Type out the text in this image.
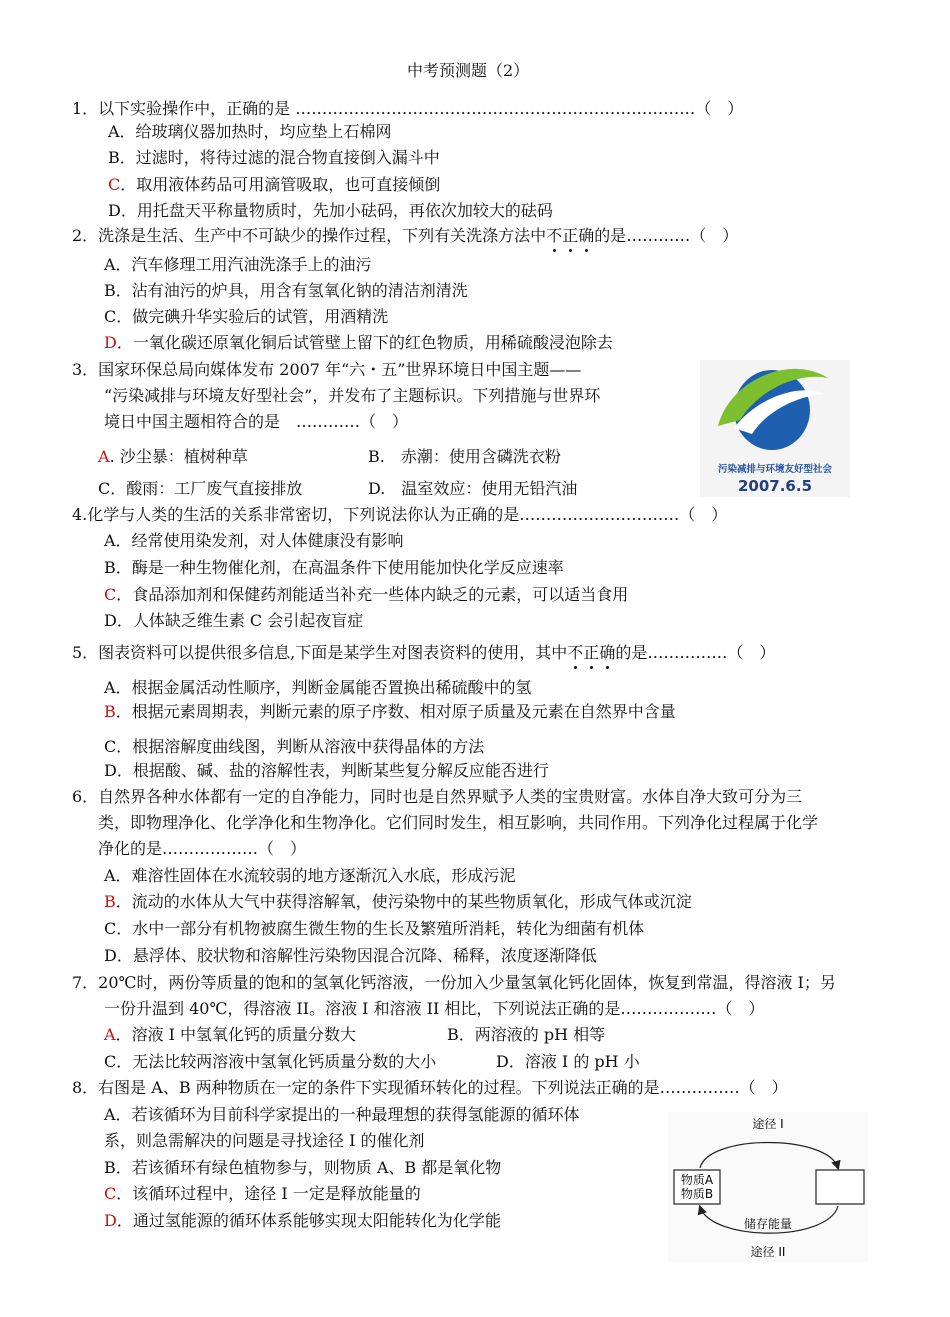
中考预测题（2）
1．以下实验操作中，正确的是 …………………………………………………………………（　）
A．给玻璃仪器加热时，均应垫上石棉网
B．过滤时，将待过滤的混合物直接倒入漏斗中
C．取用液体药品可用滴管吸取，也可直接倾倒
D．用托盘天平称量物质时，先加小砝码，再依次加较大的砝码
2．洗涤是生活、生产中不可缺少的操作过程，下列有关洗涤方法中不正确的是…………（　）
A．汽车修理工用汽油洗涤手上的油污
B．沾有油污的炉具，用含有氢氧化钠的清洁剂清洗
C．做完碘升华实验后的试管，用酒精洗
D．一氧化碳还原氧化铜后试管壁上留下的红色物质，用稀硫酸浸泡除去
3．国家环保总局向媒体发布 2007 年“六・五”世界环境日中国主题——
“污染减排与环境友好型社会”，并发布了主题标识。下列措施与世界环
境日中国主题相符合的是　…………（　）
A. 沙尘暴：植树种草	B.　赤潮：使用含磷洗衣粉
C．酸雨：工厂废气直接排放	D.　温室效应：使用无铅汽油
污染减排与环境友好型社会
2007.6.5
4.化学与人类的生活的关系非常密切，下列说法你认为正确的是…………………………（　）
A．经常使用染发剂，对人体健康没有影响
B．酶是一种生物催化剂，在高温条件下使用能加快化学反应速率
C．食品添加剂和保健药剂能适当补充一些体内缺乏的元素，可以适当食用
D．人体缺乏维生素 C 会引起夜盲症
5．图表资料可以提供很多信息,下面是某学生对图表资料的使用，其中不正确的是……………（　）
A．根据金属活动性顺序，判断金属能否置换出稀硫酸中的氢
B．根据元素周期表，判断元素的原子序数、相对原子质量及元素在自然界中含量
C．根据溶解度曲线图，判断从溶液中获得晶体的方法
D．根据酸、碱、盐的溶解性表，判断某些复分解反应能否进行
6．自然界各种水体都有一定的自净能力，同时也是自然界赋予人类的宝贵财富。水体自净大致可分为三
类，即物理净化、化学净化和生物净化。它们同时发生，相互影响，共同作用。下列净化过程属于化学
净化的是………………（　）
A．难溶性固体在水流较弱的地方逐渐沉入水底，形成污泥
B．流动的水体从大气中获得溶解氧，使污染物中的某些物质氧化，形成气体或沉淀
C．水中一部分有机物被腐生微生物的生长及繁殖所消耗，转化为细菌有机体
D．悬浮体、胶状物和溶解性污染物因混合沉降、稀释，浓度逐渐降低
7．20℃时，两份等质量的饱和的氢氧化钙溶液，一份加入少量氢氧化钙化固体，恢复到常温，得溶液 I；另
一份升温到 40℃，得溶液 II。溶液 I 和溶液 II 相比，下列说法正确的是………………（　）
A．溶液 I 中氢氧化钙的质量分数大	B．两溶液的 pH 相等
C．无法比较两溶液中氢氧化钙质量分数的大小	D．溶液 I 的 pH 小
8．右图是 A、B 两种物质在一定的条件下实现循环转化的过程。下列说法正确的是……………（　）
A．若该循环为目前科学家提出的一种最理想的获得氢能源的循环体
系，则急需解决的问题是寻找途径 I 的催化剂
B．若该循环有绿色植物参与，则物质 A、B 都是氧化物
C．该循环过程中，途径 I 一定是释放能量的
D．通过氢能源的循环体系能够实现太阳能转化为化学能
途径 I
物质A
物质B
储存能量
途径 II
